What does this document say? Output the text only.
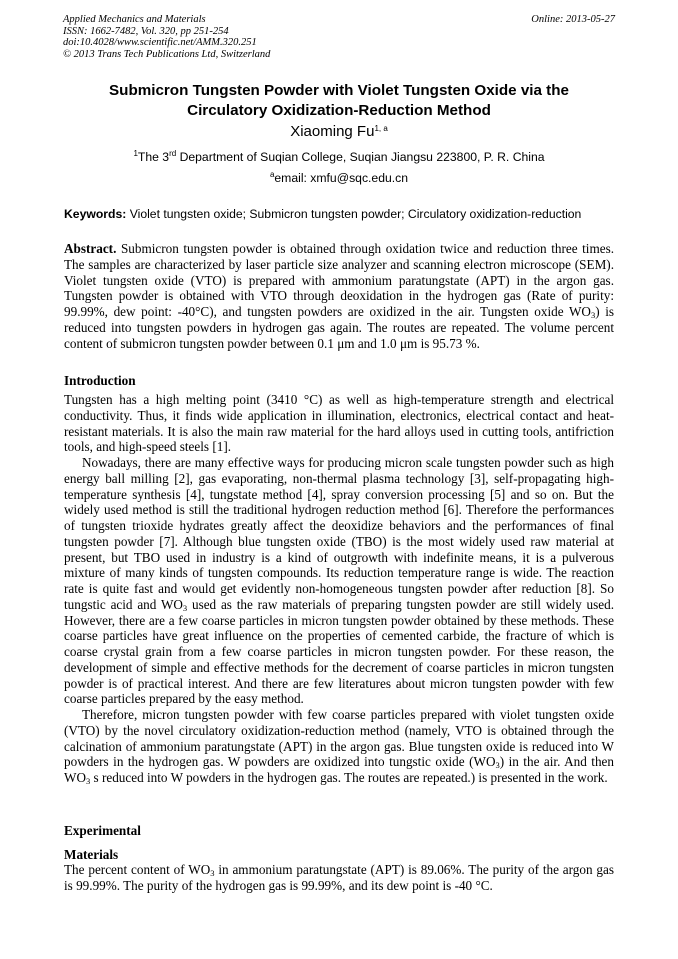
Applied Mechanics and Materials
ISSN: 1662-7482, Vol. 320, pp 251-254
doi:10.4028/www.scientific.net/AMM.320.251
© 2013 Trans Tech Publications Ltd, Switzerland
Online: 2013-05-27
Submicron Tungsten Powder with Violet Tungsten Oxide via the
Circulatory Oxidization-Reduction Method
Xiaoming Fu$^{1, a}$
$^1$The 3rd Department of Suqian College, Suqian Jiangsu 223800, P. R. China
$^a$email: xmfu@sqc.edu.cn
Keywords: Violet tungsten oxide; Submicron tungsten powder; Circulatory oxidization-reduction

Abstract. Submicron tungsten powder is obtained through oxidation twice and reduction three times. The samples are characterized by laser particle size analyzer and scanning electron microscope (SEM). Violet tungsten oxide (VTO) is prepared with ammonium paratungstate (APT) in the argon gas. Tungsten powder is obtained with VTO through deoxidation in the hydrogen gas (Rate of purity: 99.99%, dew point: -40°C), and tungsten powders are oxidized in the air. Tungsten oxide $WO_3$) is reduced into tungsten powders in hydrogen gas again. The routes are repeated. The volume percent content of submicron tungsten powder between 0.1 μm and 1.0 μm is 95.73 %.

Introduction

Tungsten has a high melting point (3410 °C) as well as high-temperature strength and electrical conductivity. Thus, it finds wide application in illumination, electronics, electrical contact and heat-resistant materials. It is also the main raw material for the hard alloys used in cutting tools, antifriction tools, and high-speed steels [1].

Nowadays, there are many effective ways for producing micron scale tungsten powder such as high energy ball milling [2], gas evaporating, non-thermal plasma technology [3], self-propagating high-temperature synthesis [4], tungstate method [4], spray conversion processing [5] and so on. But the widely used method is still the traditional hydrogen reduction method [6]. Therefore the performances of tungsten trioxide hydrates greatly affect the deoxidize behaviors and the performances of final tungsten powder [7]. Although blue tungsten oxide (TBO) is the most widely used raw material at present, but TBO used in industry is a kind of outgrowth with indefinite means, it is a pulverous mixture of many kinds of tungsten compounds. Its reduction temperature range is wide. The reaction rate is quite fast and would get evidently non-homogeneous tungsten powder after reduction [8]. So tungstic acid and $WO_3$ used as the raw materials of preparing tungsten powder are still widely used. However, there are a few coarse particles in micron tungsten powder obtained by these methods. These coarse particles have great influence on the properties of cemented carbide, the fracture of which is coarse crystal grain from a few coarse particles in micron tungsten powder. For these reason, the development of simple and effective methods for the decrement of coarse particles in micron tungsten powder is of practical interest. And there are few literatures about micron tungsten powder with few coarse particles prepared by the easy method.

Therefore, micron tungsten powder with few coarse particles prepared with violet tungsten oxide (VTO) by the novel circulatory oxidization-reduction method (namely, VTO is obtained through the calcination of ammonium paratungstate (APT) in the argon gas. Blue tungsten oxide is reduced into W powders in the hydrogen gas. W powders are oxidized into tungstic oxide $(WO_3)$ in the air. And then $WO_3$ s reduced into W powders in the hydrogen gas. The routes are repeated.) is presented in the work.

Experimental
Materials

The percent content of $WO_3$ in ammonium paratungstate (APT) is 89.06%. The purity of the argon gas is 99.99%. The purity of the hydrogen gas is 99.99%, and its dew point is -40 °C.
